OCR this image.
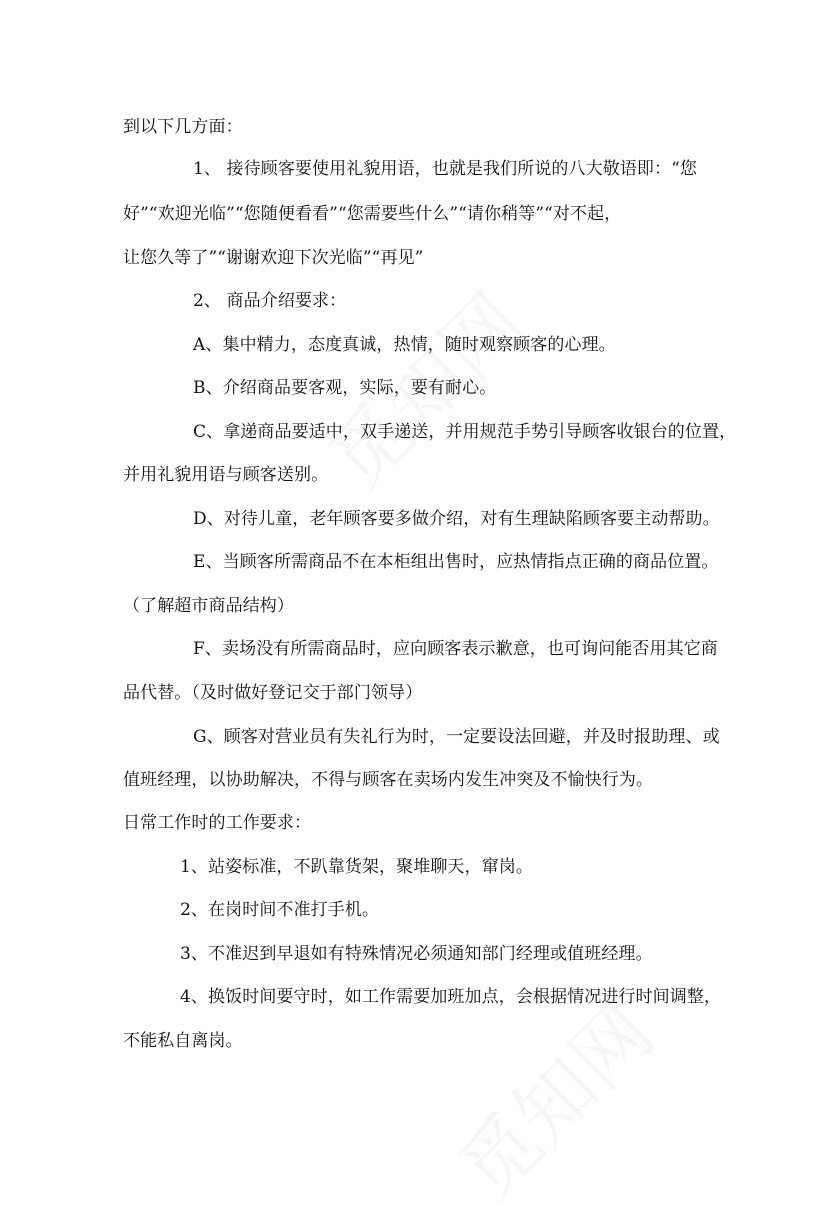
到以下几方面：
1、 接待顾客要使用礼貌用语，也就是我们所说的八大敬语即：“您
好”“欢迎光临”“您随便看看”“您需要些什么”“请你稍等”“对不起，
让您久等了”“谢谢欢迎下次光临”“再见”
2、 商品介绍要求：
A、集中精力，态度真诚，热情，随时观察顾客的心理。
B、介绍商品要客观，实际，要有耐心。
C、拿递商品要适中，双手递送，并用规范手势引导顾客收银台的位置，
并用礼貌用语与顾客送别。
D、对待儿童，老年顾客要多做介绍，对有生理缺陷顾客要主动帮助。
E、当顾客所需商品不在本柜组出售时，应热情指点正确的商品位置。
（了解超市商品结构）
F、卖场没有所需商品时，应向顾客表示歉意，也可询问能否用其它商
品代替。（及时做好登记交于部门领导）
G、顾客对营业员有失礼行为时，一定要设法回避，并及时报助理、或
值班经理，以协助解决，不得与顾客在卖场内发生冲突及不愉快行为。
日常工作时的工作要求：
1、站姿标准，不趴靠货架，聚堆聊天，窜岗。
2、在岗时间不准打手机。
3、不准迟到早退如有特殊情况必须通知部门经理或值班经理。
4、换饭时间要守时，如工作需要加班加点，会根据情况进行时间调整，
不能私自离岗。
